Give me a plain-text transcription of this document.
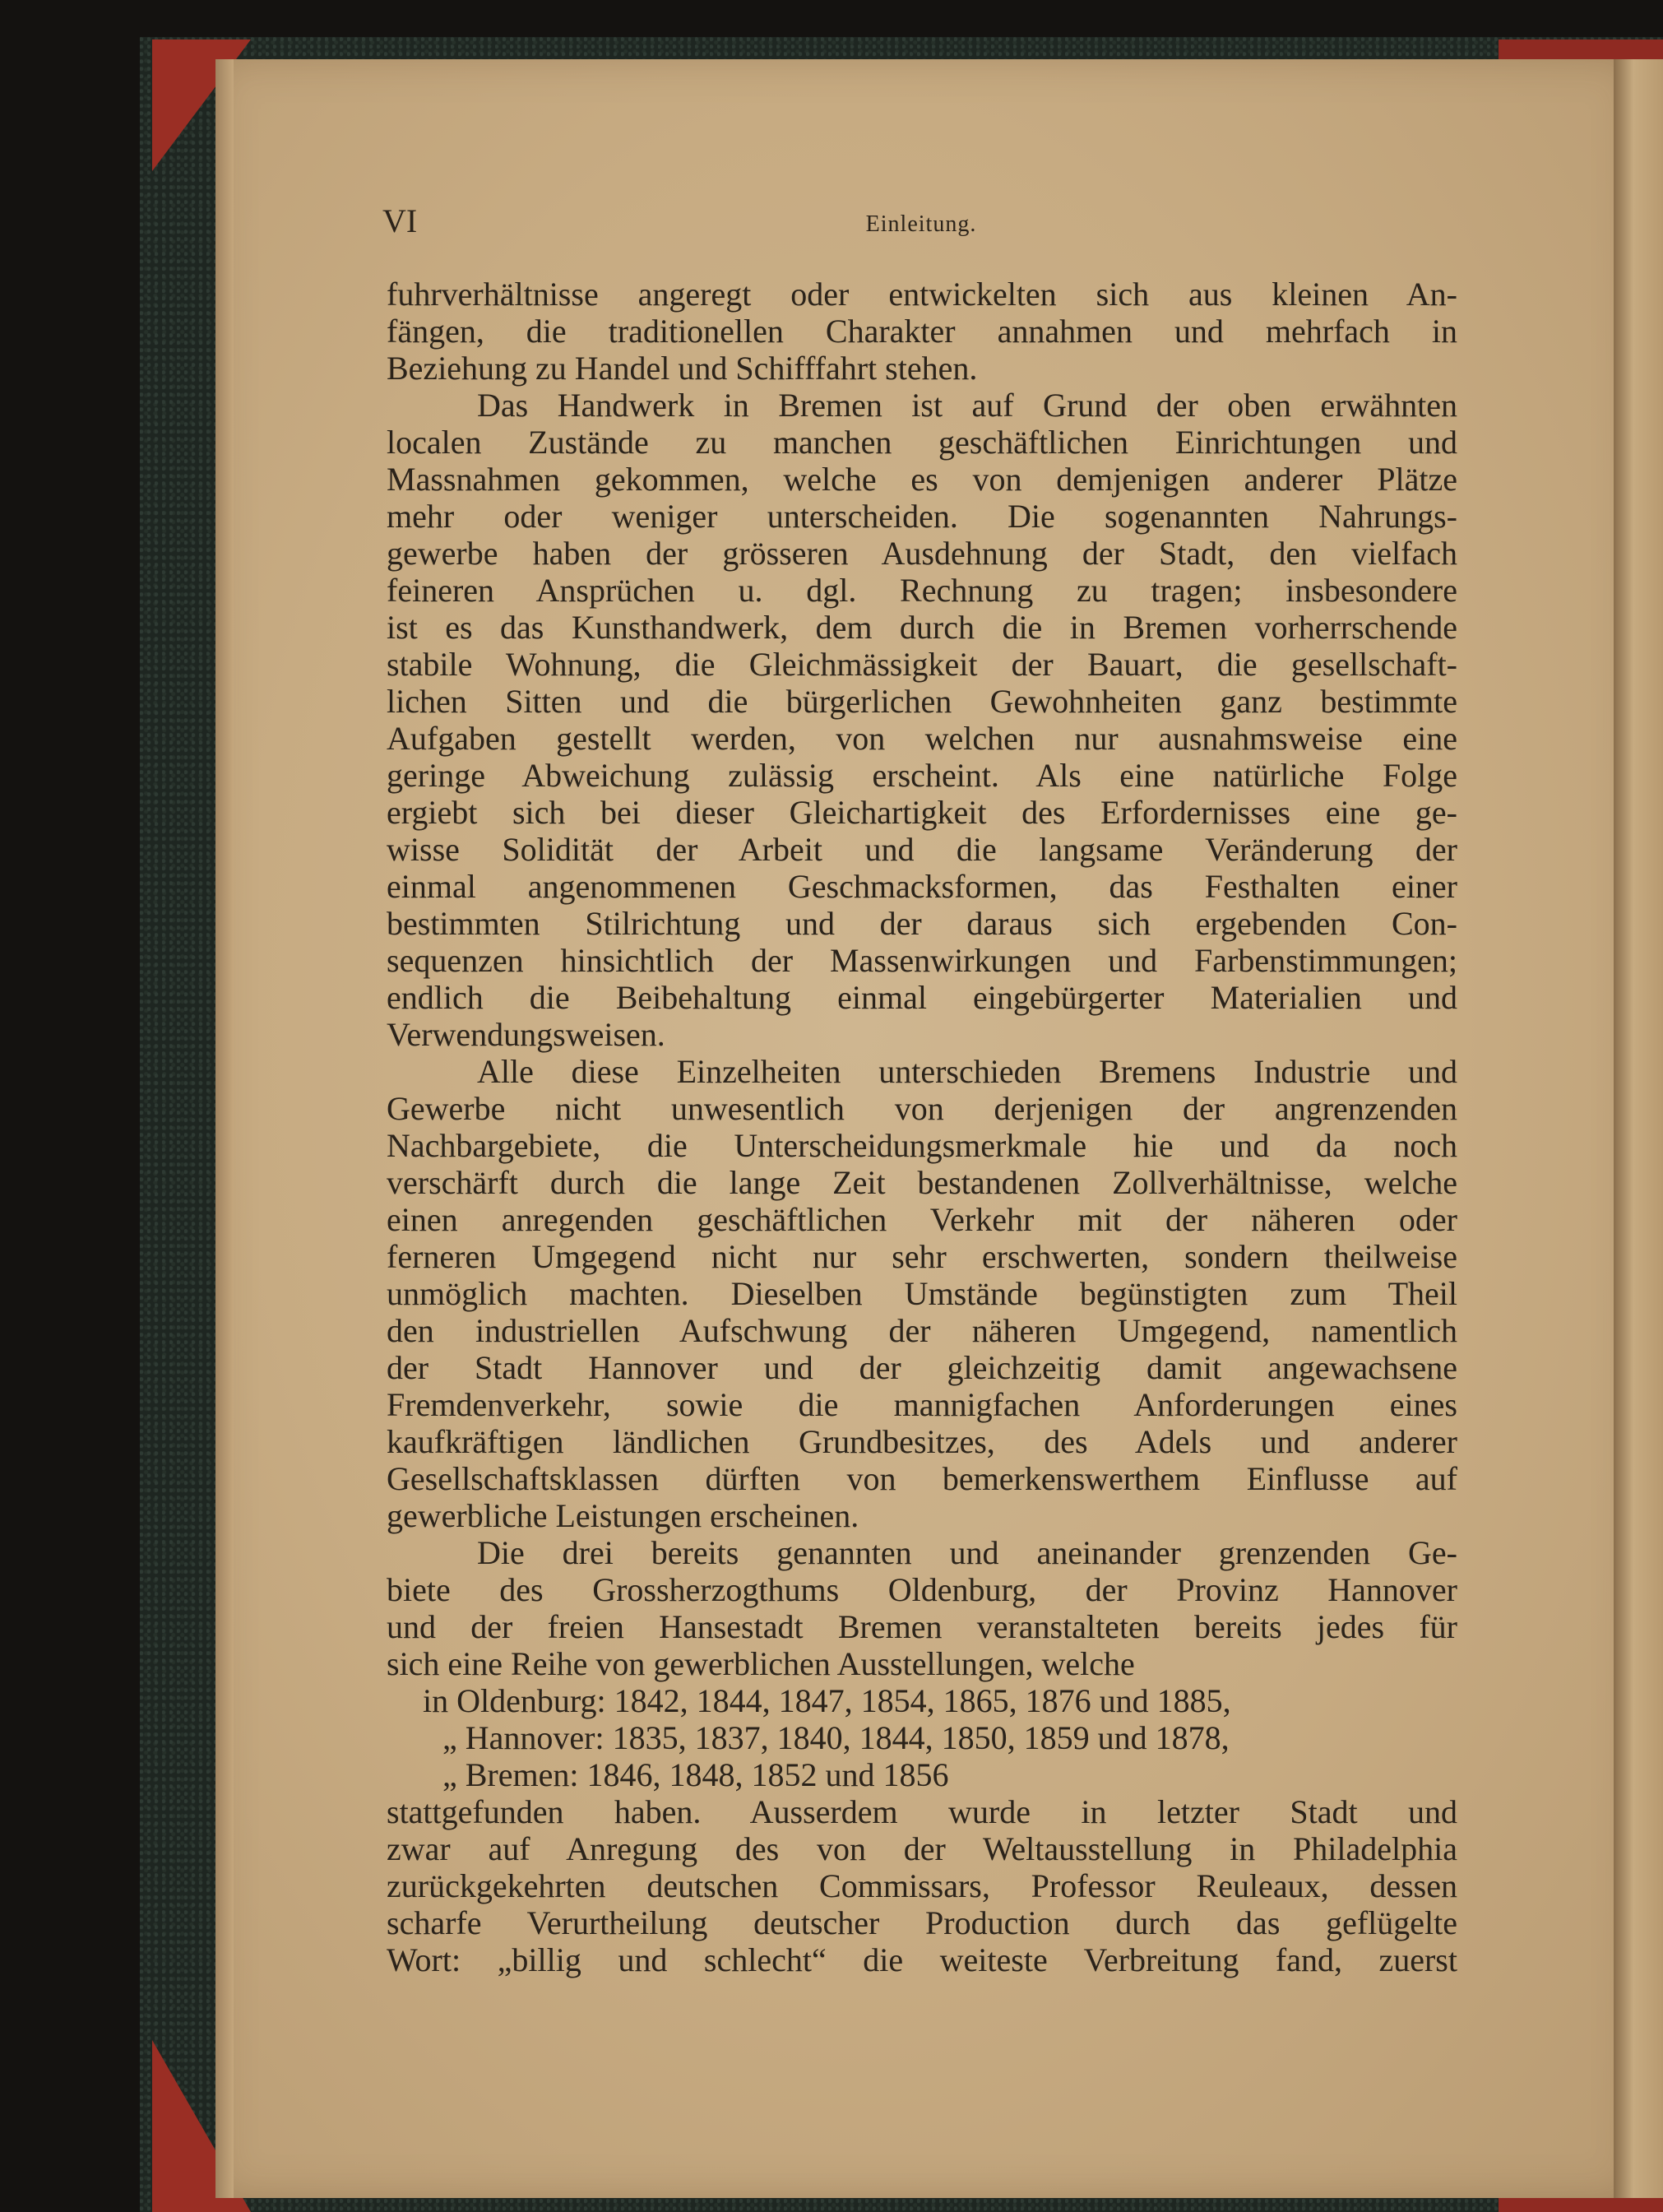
VI	Einleitung.
fuhrverhältnisse angeregt oder entwickelten sich aus kleinen An-
fängen, die traditionellen Charakter annahmen und mehrfach in
Beziehung zu Handel und Schifffahrt stehen.
Das Handwerk in Bremen ist auf Grund der oben erwähnten
localen Zustände zu manchen geschäftlichen Einrichtungen und
Massnahmen gekommen, welche es von demjenigen anderer Plätze
mehr oder weniger unterscheiden. Die sogenannten Nahrungs-
gewerbe haben der grösseren Ausdehnung der Stadt, den vielfach
feineren Ansprüchen u. dgl. Rechnung zu tragen; insbesondere
ist es das Kunsthandwerk, dem durch die in Bremen vorherrschende
stabile Wohnung, die Gleichmässigkeit der Bauart, die gesellschaft-
lichen Sitten und die bürgerlichen Gewohnheiten ganz bestimmte
Aufgaben gestellt werden, von welchen nur ausnahmsweise eine
geringe Abweichung zulässig erscheint. Als eine natürliche Folge
ergiebt sich bei dieser Gleichartigkeit des Erfordernisses eine ge-
wisse Solidität der Arbeit und die langsame Veränderung der
einmal angenommenen Geschmacksformen, das Festhalten einer
bestimmten Stilrichtung und der daraus sich ergebenden Con-
sequenzen hinsichtlich der Massenwirkungen und Farbenstimmungen;
endlich die Beibehaltung einmal eingebürgerter Materialien und
Verwendungsweisen.
Alle diese Einzelheiten unterschieden Bremens Industrie und
Gewerbe nicht unwesentlich von derjenigen der angrenzenden
Nachbargebiete, die Unterscheidungsmerkmale hie und da noch
verschärft durch die lange Zeit bestandenen Zollverhältnisse, welche
einen anregenden geschäftlichen Verkehr mit der näheren oder
ferneren Umgegend nicht nur sehr erschwerten, sondern theilweise
unmöglich machten. Dieselben Umstände begünstigten zum Theil
den industriellen Aufschwung der näheren Umgegend, namentlich
der Stadt Hannover und der gleichzeitig damit angewachsene
Fremdenverkehr, sowie die mannigfachen Anforderungen eines
kaufkräftigen ländlichen Grundbesitzes, des Adels und anderer
Gesellschaftsklassen dürften von bemerkenswerthem Einflusse auf
gewerbliche Leistungen erscheinen.
Die drei bereits genannten und aneinander grenzenden Ge-
biete des Grossherzogthums Oldenburg, der Provinz Hannover
und der freien Hansestadt Bremen veranstalteten bereits jedes für
sich eine Reihe von gewerblichen Ausstellungen, welche
in Oldenburg: 1842, 1844, 1847, 1854, 1865, 1876 und 1885,
„ Hannover: 1835, 1837, 1840, 1844, 1850, 1859 und 1878,
„ Bremen: 1846, 1848, 1852 und 1856
stattgefunden haben. Ausserdem wurde in letzter Stadt und
zwar auf Anregung des von der Weltausstellung in Philadelphia
zurückgekehrten deutschen Commissars, Professor Reuleaux, dessen
scharfe Verurtheilung deutscher Production durch das geflügelte
Wort: „billig und schlecht“ die weiteste Verbreitung fand, zuerst
